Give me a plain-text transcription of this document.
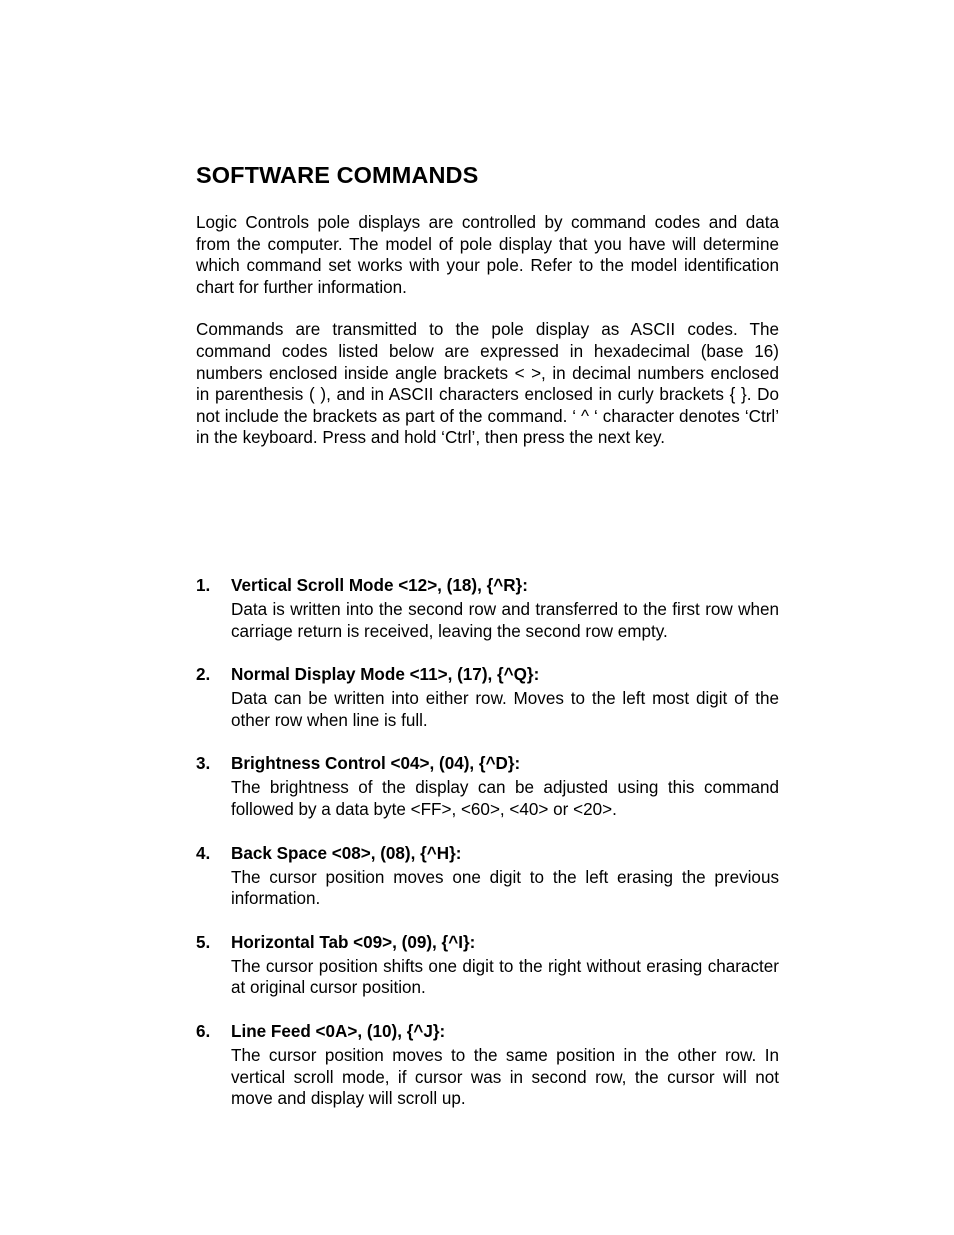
SOFTWARE COMMANDS

Logic Controls pole displays are controlled by command codes and data from the computer. The model of pole display that you have will determine which command set works with your pole. Refer to the model identification chart for further information.

Commands are transmitted to the pole display as ASCII codes. The command codes listed below are expressed in hexadecimal (base 16) numbers enclosed inside angle brackets < >, in decimal numbers enclosed in parenthesis ( ), and in ASCII characters enclosed in curly brackets { }. Do not include the brackets as part of the command. ‘ ^ ‘ character denotes ‘Ctrl’ in the keyboard. Press and hold ‘Ctrl’, then press the next key.

1. Vertical Scroll Mode <12>, (18), {^R}:

Data is written into the second row and transferred to the first row when carriage return is received, leaving the second row empty.

2. Normal Display Mode <11>, (17), {^Q}:

Data can be written into either row. Moves to the left most digit of the other row when line is full.

3. Brightness Control <04>, (04), {^D}:

The brightness of the display can be adjusted using this command followed by a data byte <FF>, <60>, <40> or <20>.

4. Back Space <08>, (08), {^H}:

The cursor position moves one digit to the left erasing the previous information.

5. Horizontal Tab <09>, (09), {^I}:

The cursor position shifts one digit to the right without erasing character at original cursor position.

6. Line Feed <0A>, (10), {^J}:

The cursor position moves to the same position in the other row. In vertical scroll mode, if cursor was in second row, the cursor will not move and display will scroll up.
